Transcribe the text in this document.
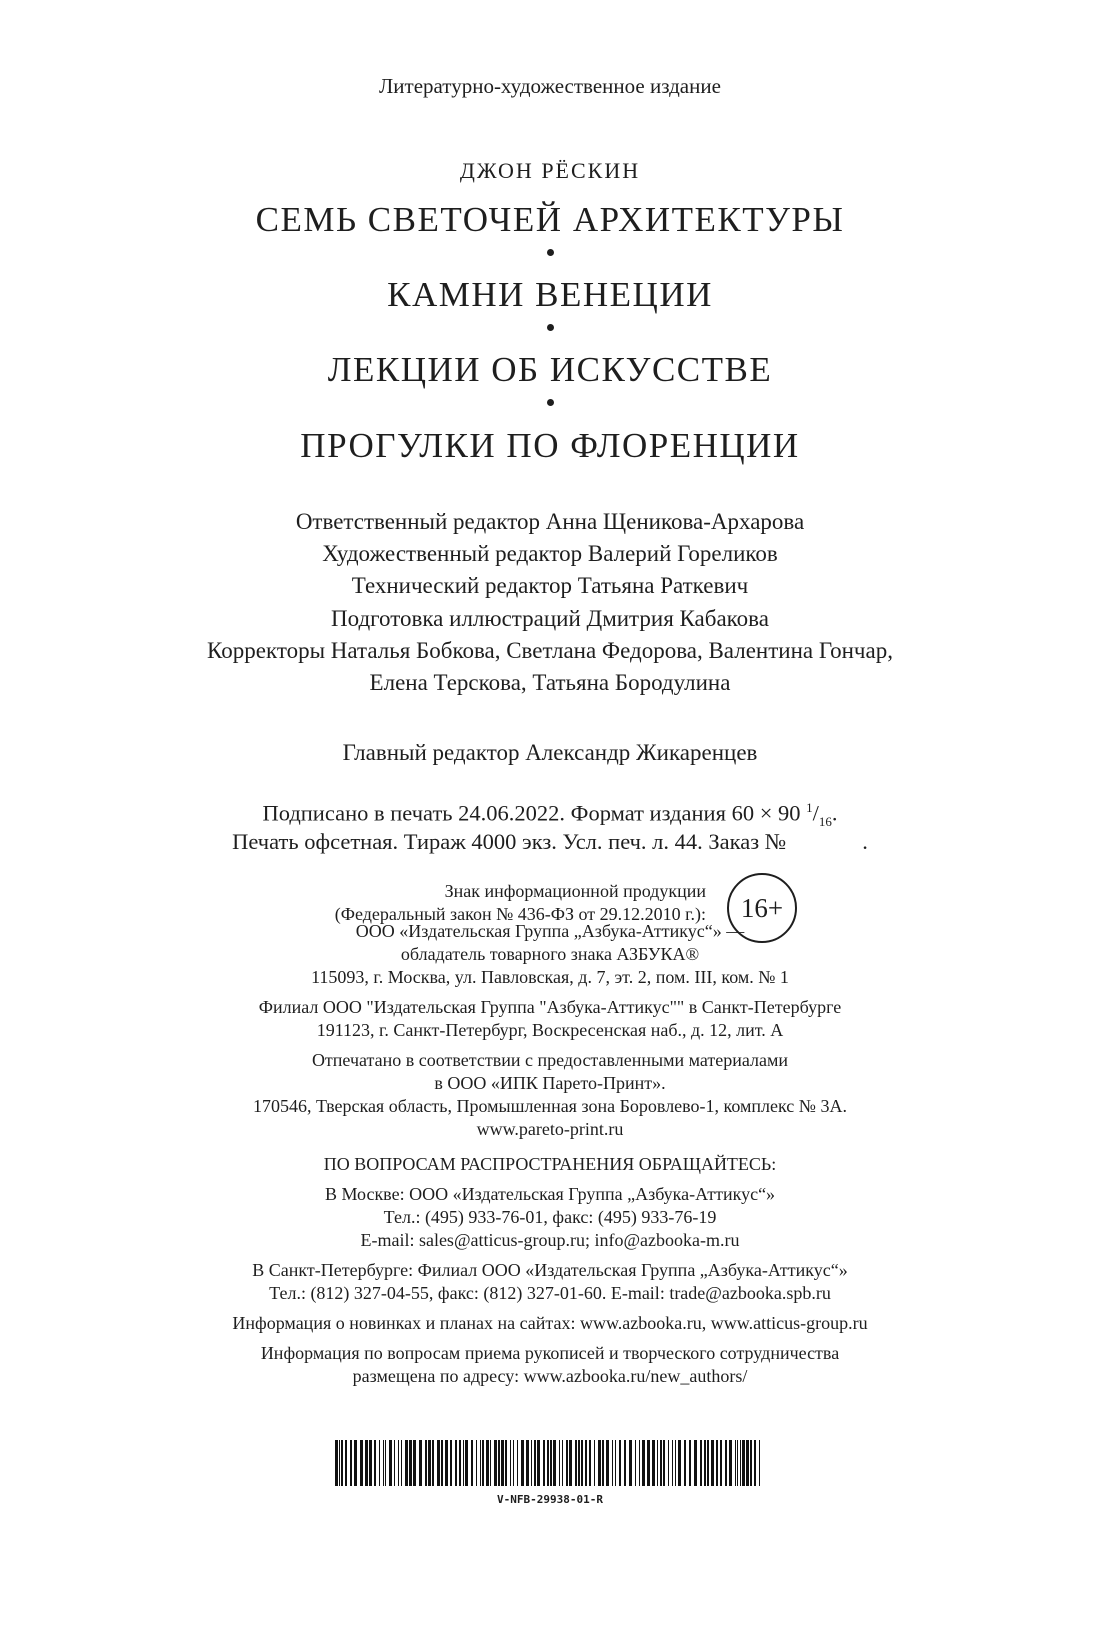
Литературно-художественное издание
ДЖОН РЁСКИН
СЕМЬ СВЕТОЧЕЙ АРХИТЕКТУРЫ
КАМНИ ВЕНЕЦИИ
ЛЕКЦИИ ОБ ИСКУССТВЕ
ПРОГУЛКИ ПО ФЛОРЕНЦИИ
Ответственный редактор Анна Щеникова-Архарова
Художественный редактор Валерий Гореликов
Технический редактор Татьяна Раткевич
Подготовка иллюстраций Дмитрия Кабакова
Корректоры Наталья Бобкова, Светлана Федорова, Валентина Гончар,
Елена Терскова, Татьяна Бородулина
Главный редактор Александр Жикаренцев
Подписано в печать 24.06.2022. Формат издания 60 × 90 $^1/_{16}$.
Печать офсетная. Тираж 4000 экз. Усл. печ. л. 44. Заказ №	.
Знак информационной продукции
(Федеральный закон № 436-ФЗ от 29.12.2010 г.): 16+
ООО «Издательская Группа „Азбука-Аттикус“» —
обладатель товарного знака АЗБУКА®
115093, г. Москва, ул. Павловская, д. 7, эт. 2, пом. III, ком. № 1
Филиал ООО "Издательская Группа "Азбука-Аттикус"" в Санкт-Петербурге
191123, г. Санкт-Петербург, Воскресенская наб., д. 12, лит. А
Отпечатано в соответствии с предоставленными материалами
в ООО «ИПК Парето-Принт».
170546, Тверская область, Промышленная зона Боровлево-1, комплекс № 3А.
www.pareto-print.ru
ПО ВОПРОСАМ РАСПРОСТРАНЕНИЯ ОБРАЩАЙТЕСЬ:
В Москве: ООО «Издательская Группа „Азбука-Аттикус“»
Тел.: (495) 933-76-01, факс: (495) 933-76-19
E-mail: sales@atticus-group.ru; info@azbooka-m.ru
В Санкт-Петербурге: Филиал ООО «Издательская Группа „Азбука-Аттикус“»
Тел.: (812) 327-04-55, факс: (812) 327-01-60. E-mail: trade@azbooka.spb.ru
Информация о новинках и планах на сайтах: www.azbooka.ru, www.atticus-group.ru
Информация по вопросам приема рукописей и творческого сотрудничества
размещена по адресу: www.azbooka.ru/new_authors/
V-NFB-29938-01-R
